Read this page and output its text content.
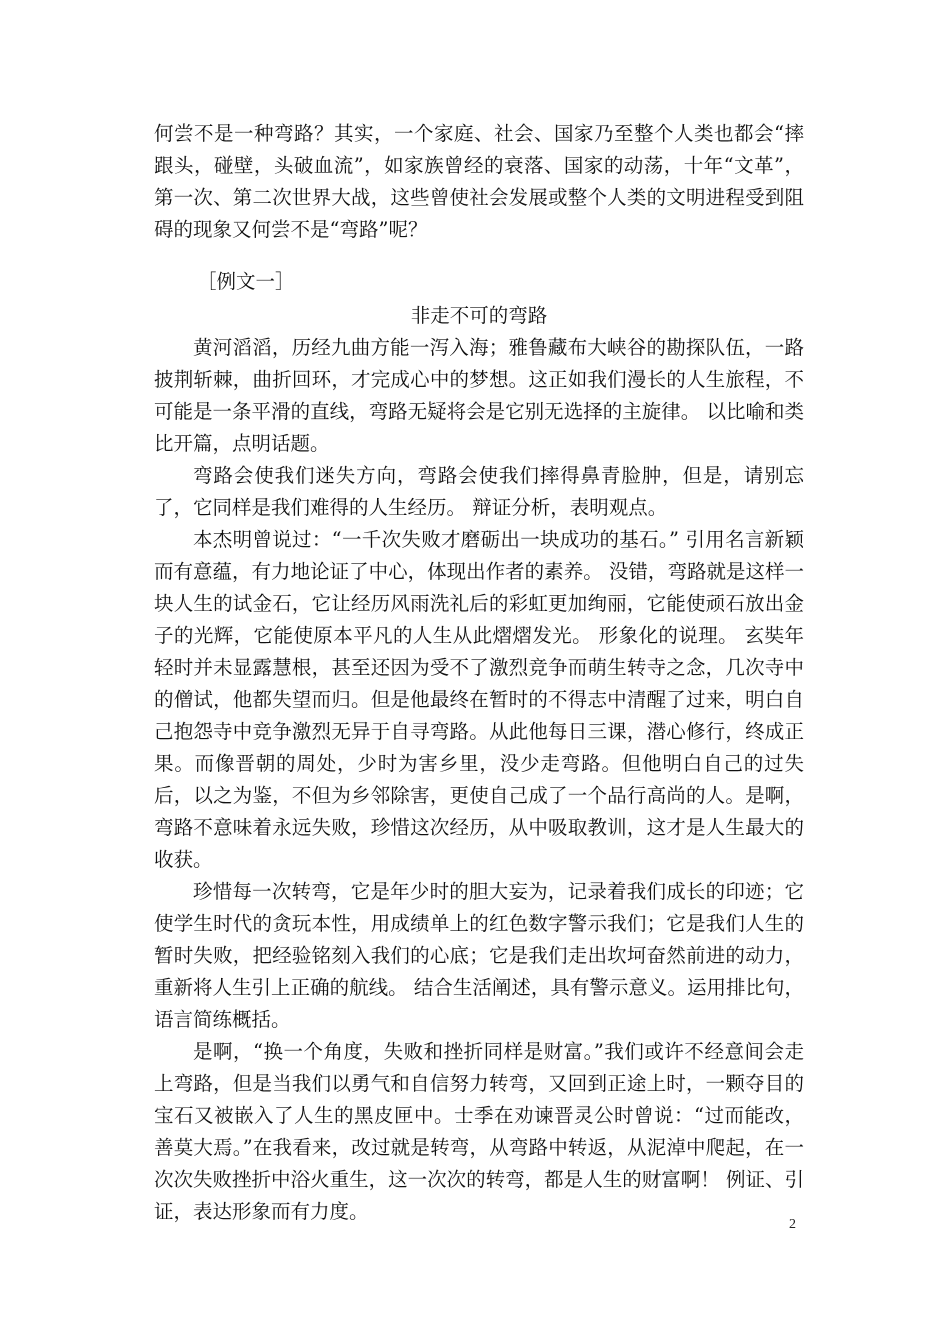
何尝不是一种弯路？其实，一个家庭、社会、国家乃至整个人类也都会“摔跟头，碰壁，头破血流”，如家族曾经的衰落、国家的动荡，十年“文革”，第一次、第二次世界大战，这些曾使社会发展或整个人类的文明进程受到阻碍的现象又何尝不是“弯路”呢？

［例文一］

非走不可的弯路

黄河滔滔，历经九曲方能一泻入海；雅鲁藏布大峡谷的勘探队伍，一路披荆斩棘，曲折回环，才完成心中的梦想。这正如我们漫长的人生旅程，不可能是一条平滑的直线，弯路无疑将会是它别无选择的主旋律。 以比喻和类比开篇，点明话题。

弯路会使我们迷失方向，弯路会使我们摔得鼻青脸肿，但是，请别忘了，它同样是我们难得的人生经历。 辩证分析，表明观点。

本杰明曾说过：“一千次失败才磨砺出一块成功的基石。” 引用名言新颖而有意蕴，有力地论证了中心，体现出作者的素养。 没错，弯路就是这样一块人生的试金石，它让经历风雨洗礼后的彩虹更加绚丽，它能使顽石放出金子的光辉，它能使原本平凡的人生从此熠熠发光。 形象化的说理。 玄奘年轻时并未显露慧根，甚至还因为受不了激烈竞争而萌生转寺之念，几次寺中的僧试，他都失望而归。但是他最终在暂时的不得志中清醒了过来，明白自己抱怨寺中竞争激烈无异于自寻弯路。从此他每日三课，潜心修行，终成正果。而像晋朝的周处，少时为害乡里，没少走弯路。但他明白自己的过失后，以之为鉴，不但为乡邻除害，更使自己成了一个品行高尚的人。是啊，弯路不意味着永远失败，珍惜这次经历，从中吸取教训，这才是人生最大的收获。

珍惜每一次转弯，它是年少时的胆大妄为，记录着我们成长的印迹；它使学生时代的贪玩本性，用成绩单上的红色数字警示我们；它是我们人生的暂时失败，把经验铭刻入我们的心底；它是我们走出坎坷奋然前进的动力，重新将人生引上正确的航线。 结合生活阐述，具有警示意义。运用排比句，语言简练概括。

是啊，“换一个角度，失败和挫折同样是财富。”我们或许不经意间会走上弯路，但是当我们以勇气和自信努力转弯，又回到正途上时，一颗夺目的宝石又被嵌入了人生的黑皮匣中。士季在劝谏晋灵公时曾说：“过而能改，善莫大焉。”在我看来，改过就是转弯，从弯路中转返，从泥淖中爬起，在一次次失败挫折中浴火重生，这一次次的转弯，都是人生的财富啊！ 例证、引证，表达形象而有力度。

2
